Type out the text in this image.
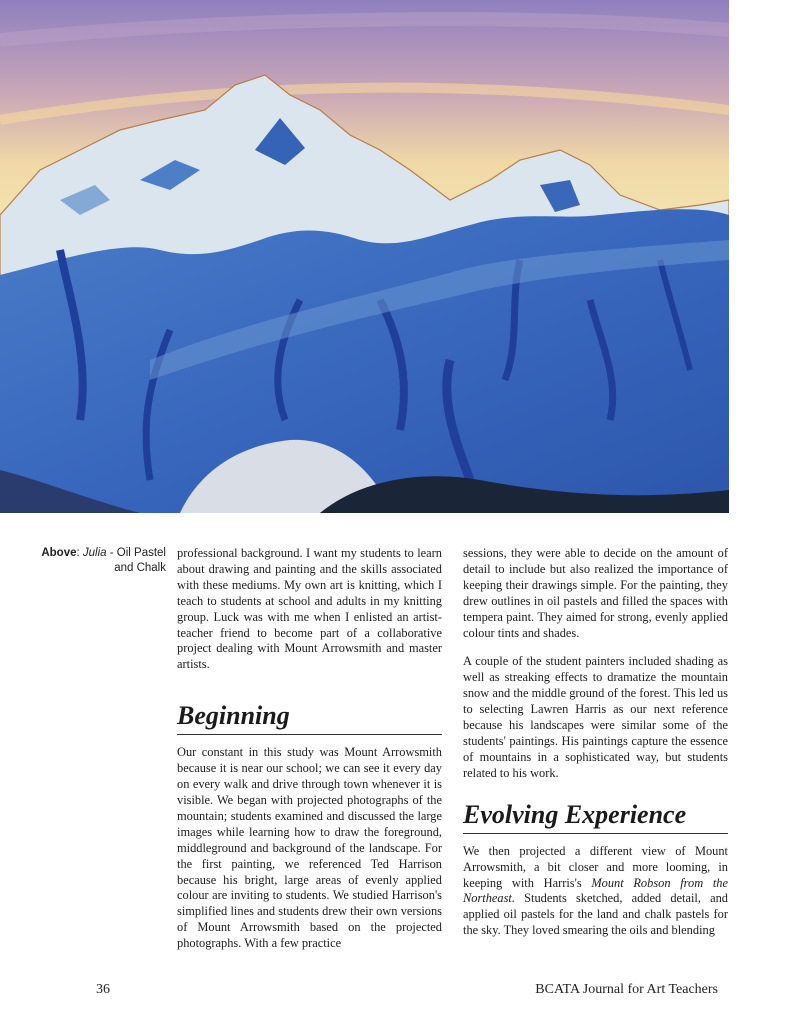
Above: Julia - Oil Pastel and Chalk

professional background. I want my students to learn about drawing and painting and the skills associated with these mediums. My own art is knitting, which I teach to students at school and adults in my knitting group. Luck was with me when I enlisted an artist- teacher friend to become part of a collaborative project dealing with Mount Arrowsmith and master artists.

Beginning

Our constant in this study was Mount Arrowsmith because it is near our school; we can see it every day on every walk and drive through town whenever it is visible. We began with projected photographs of the mountain; students examined and discussed the large images while learning how to draw the foreground, middleground and background of the landscape. For the first painting, we referenced Ted Harrison because his bright, large areas of evenly applied colour are inviting to students. We studied Harrison's simplified lines and students drew their own versions of Mount Arrowsmith based on the projected photographs. With a few practice

sessions, they were able to decide on the amount of detail to include but also realized the importance of keeping their drawings simple. For the painting, they drew outlines in oil pastels and filled the spaces with tempera paint. They aimed for strong, evenly applied colour tints and shades.

A couple of the student painters included shading as well as streaking effects to dramatize the mountain snow and the middle ground of the forest. This led us to selecting Lawren Harris as our next reference because his landscapes were similar some of the students' paintings. His paintings capture the essence of mountains in a sophisticated way, but students related to his work.

Evolving Experience

We then projected a different view of Mount Arrowsmith, a bit closer and more looming, in keeping with Harris's Mount Robson from the Northeast. Students sketched, added detail, and applied oil pastels for the land and chalk pastels for the sky. They loved smearing the oils and blending

36	BCATA Journal for Art Teachers
